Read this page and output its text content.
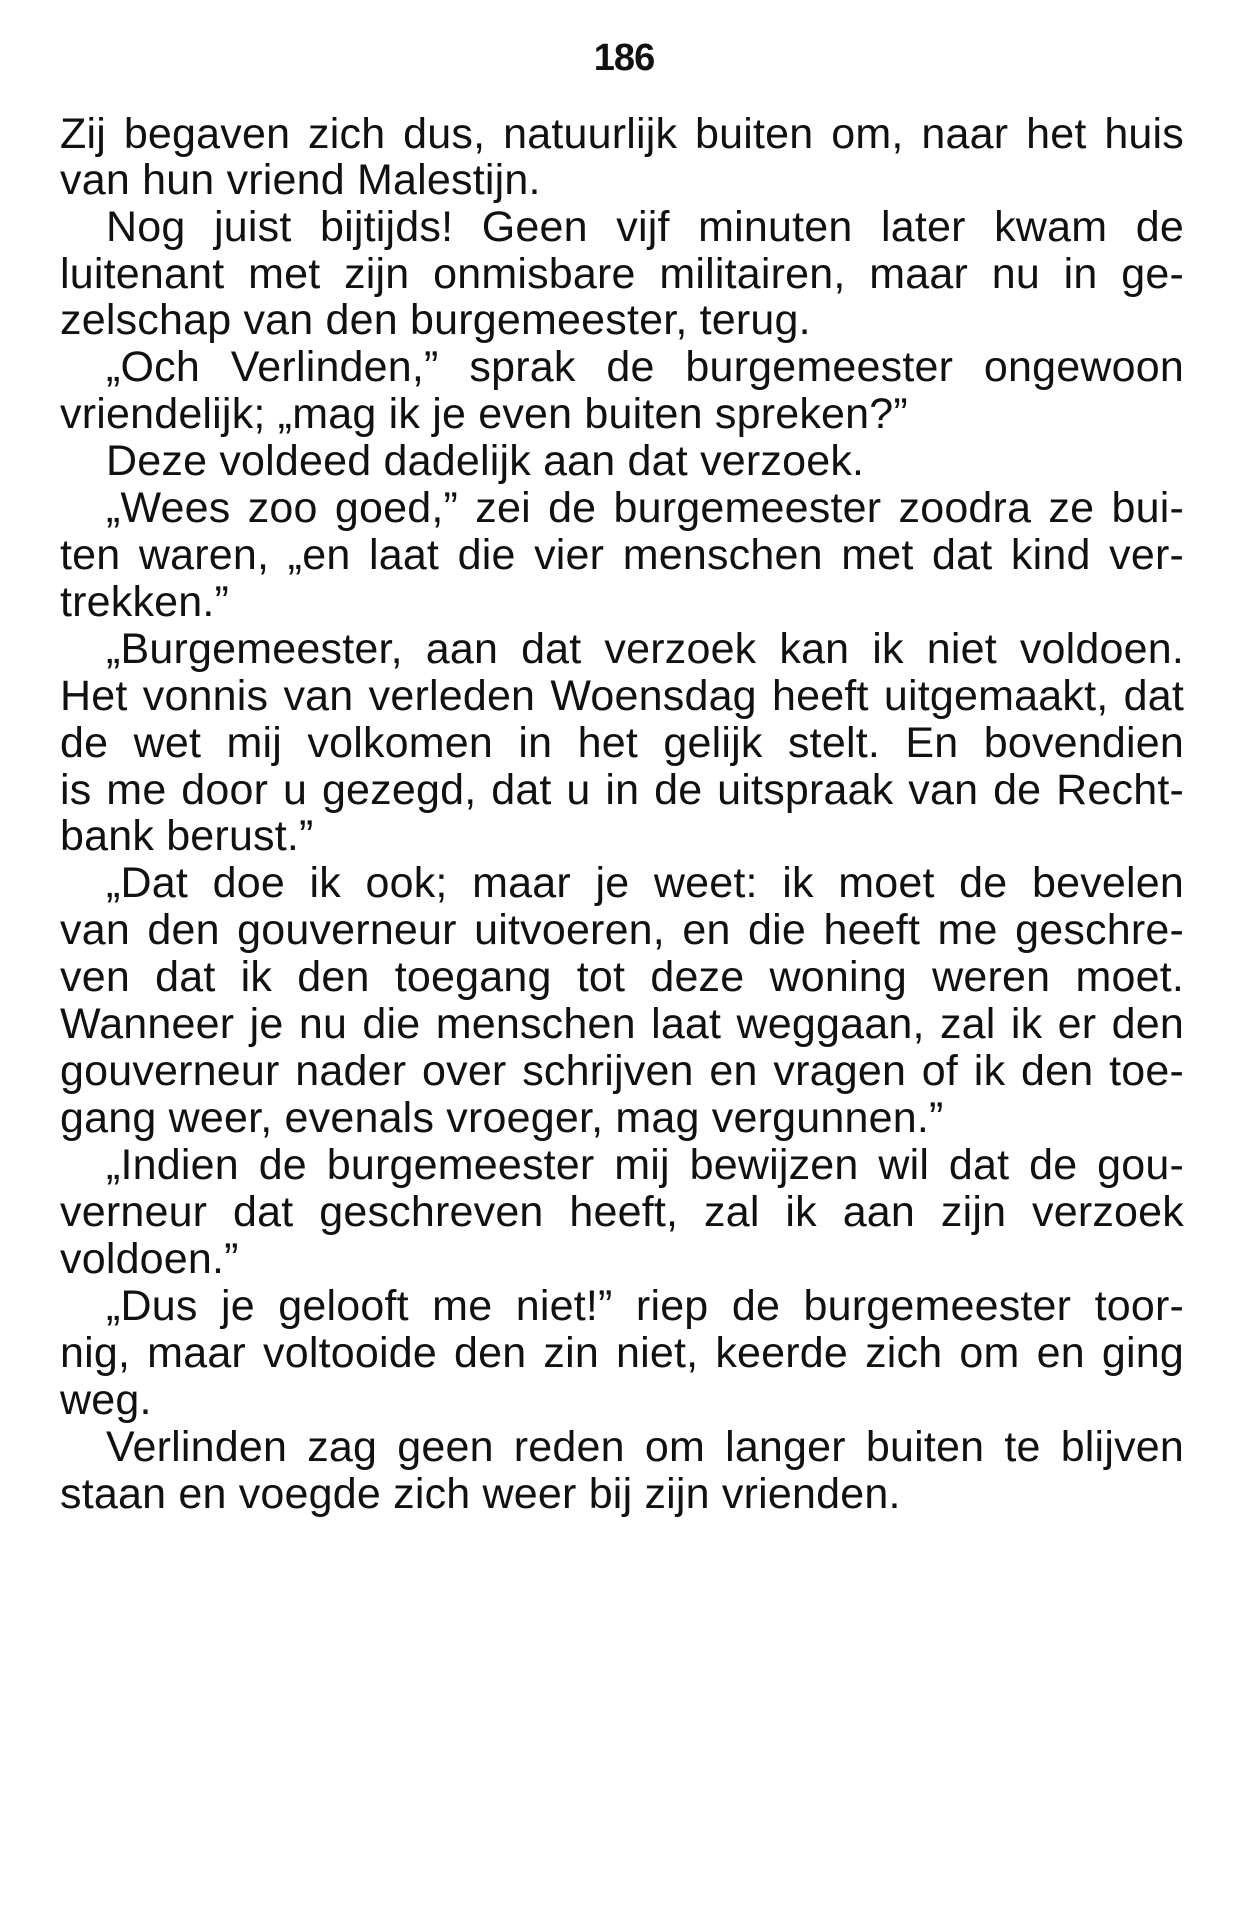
186
Zij begaven zich dus, natuurlijk buiten om, naar het huis
van hun vriend Malestijn.
Nog juist bijtijds! Geen vijf minuten later kwam de
luitenant met zijn onmisbare militairen, maar nu in ge-
zelschap van den burgemeester, terug.
„Och Verlinden,” sprak de burgemeester ongewoon
vriendelijk; „mag ik je even buiten spreken?”
Deze voldeed dadelijk aan dat verzoek.
„Wees zoo goed,” zei de burgemeester zoodra ze bui-
ten waren, „en laat die vier menschen met dat kind ver-
trekken.”
„Burgemeester, aan dat verzoek kan ik niet voldoen.
Het vonnis van verleden Woensdag heeft uitgemaakt, dat
de wet mij volkomen in het gelijk stelt. En bovendien
is me door u gezegd, dat u in de uitspraak van de Recht-
bank berust.”
„Dat doe ik ook; maar je weet: ik moet de bevelen
van den gouverneur uitvoeren, en die heeft me geschre-
ven dat ik den toegang tot deze woning weren moet.
Wanneer je nu die menschen laat weggaan, zal ik er den
gouverneur nader over schrijven en vragen of ik den toe-
gang weer, evenals vroeger, mag vergunnen.”
„Indien de burgemeester mij bewijzen wil dat de gou-
verneur dat geschreven heeft, zal ik aan zijn verzoek
voldoen.”
„Dus je gelooft me niet!” riep de burgemeester toor-
nig, maar voltooide den zin niet, keerde zich om en ging
weg.
Verlinden zag geen reden om langer buiten te blijven
staan en voegde zich weer bij zijn vrienden.
